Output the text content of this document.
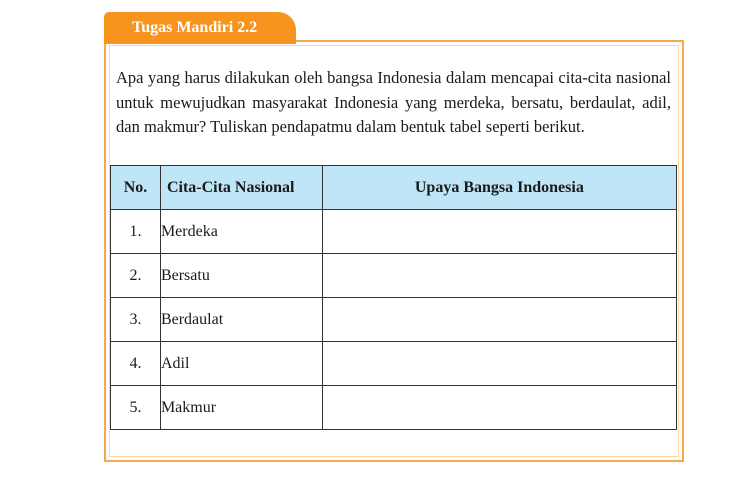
Tugas Mandiri 2.2

Apa yang harus dilakukan oleh bangsa Indonesia dalam mencapai cita-cita nasional untuk mewujudkan masyarakat Indonesia yang merdeka, bersatu, berdaulat, adil, dan makmur? Tuliskan pendapatmu dalam bentuk tabel seperti berikut.

No.	Cita-Cita Nasional	Upaya Bangsa Indonesia
1.	Merdeka	
2.	Bersatu	
3.	Berdaulat	
4.	Adil	
5.	Makmur	
